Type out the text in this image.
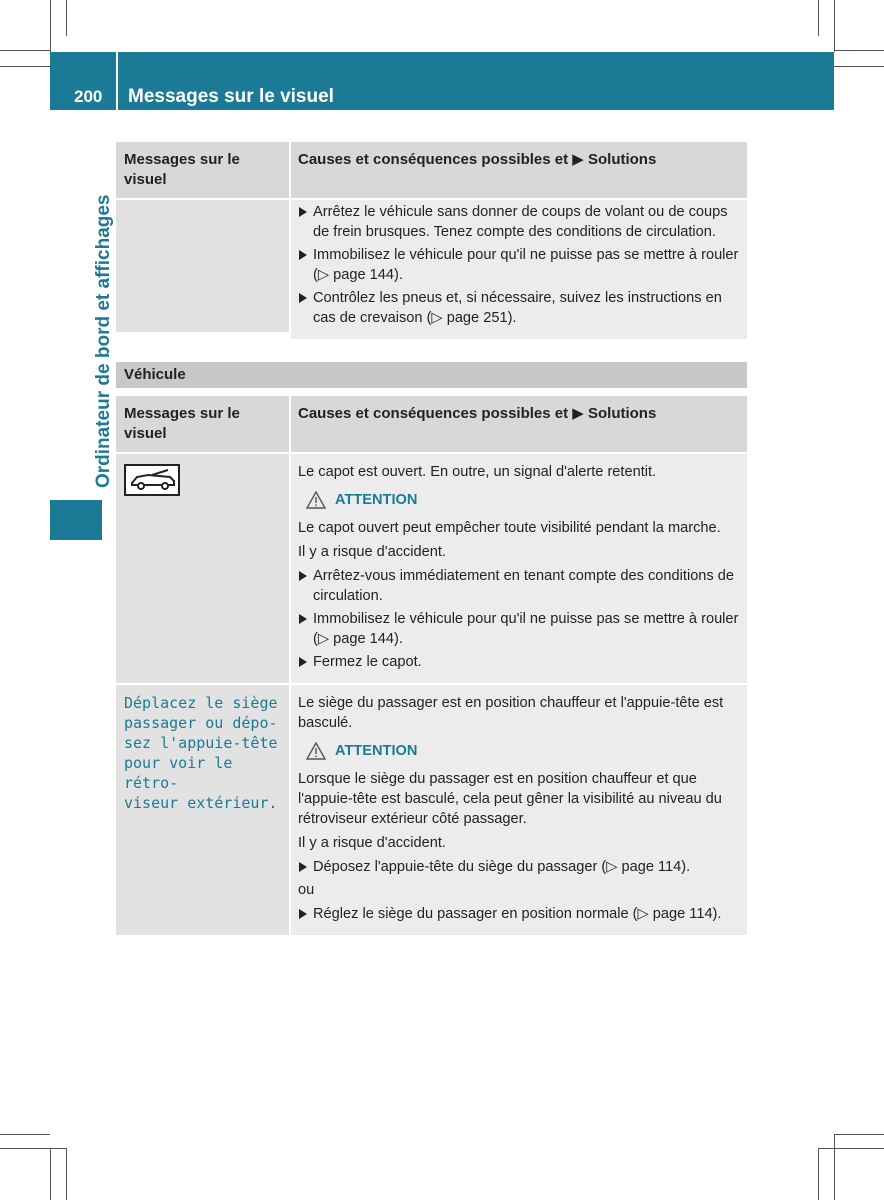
200	Messages sur le visuel
Ordinateur de bord et affichages
Messages sur le visuel
Causes et conséquences possibles et ▶ Solutions
Arrêtez le véhicule sans donner de coups de volant ou de coups de frein brusques. Tenez compte des conditions de circulation.
Immobilisez le véhicule pour qu'il ne puisse pas se mettre à rouler (▷ page 144).
Contrôlez les pneus et, si nécessaire, suivez les instructions en cas de crevaison (▷ page 251).
Véhicule
Messages sur le visuel
Causes et conséquences possibles et ▶ Solutions

Le capot est ouvert. En outre, un signal d'alerte retentit.

ATTENTION

Le capot ouvert peut empêcher toute visibilité pendant la marche.

Il y a risque d'accident.

Arrêtez-vous immédiatement en tenant compte des conditions de circulation.
Immobilisez le véhicule pour qu'il ne puisse pas se mettre à rouler (▷ page 144).
Fermez le capot.
Déplacez le siège
passager ou dépo-
sez l'appuie-tête
pour voir le rétro-
viseur extérieur.

Le siège du passager est en position chauffeur et l'appuie-tête est basculé.

ATTENTION

Lorsque le siège du passager est en position chauffeur et que l'appuie-tête est basculé, cela peut gêner la visibilité au niveau du rétroviseur extérieur côté passager.

Il y a risque d'accident.

Déposez l'appuie-tête du siège du passager (▷ page 114).

ou

Réglez le siège du passager en position normale (▷ page 114).
